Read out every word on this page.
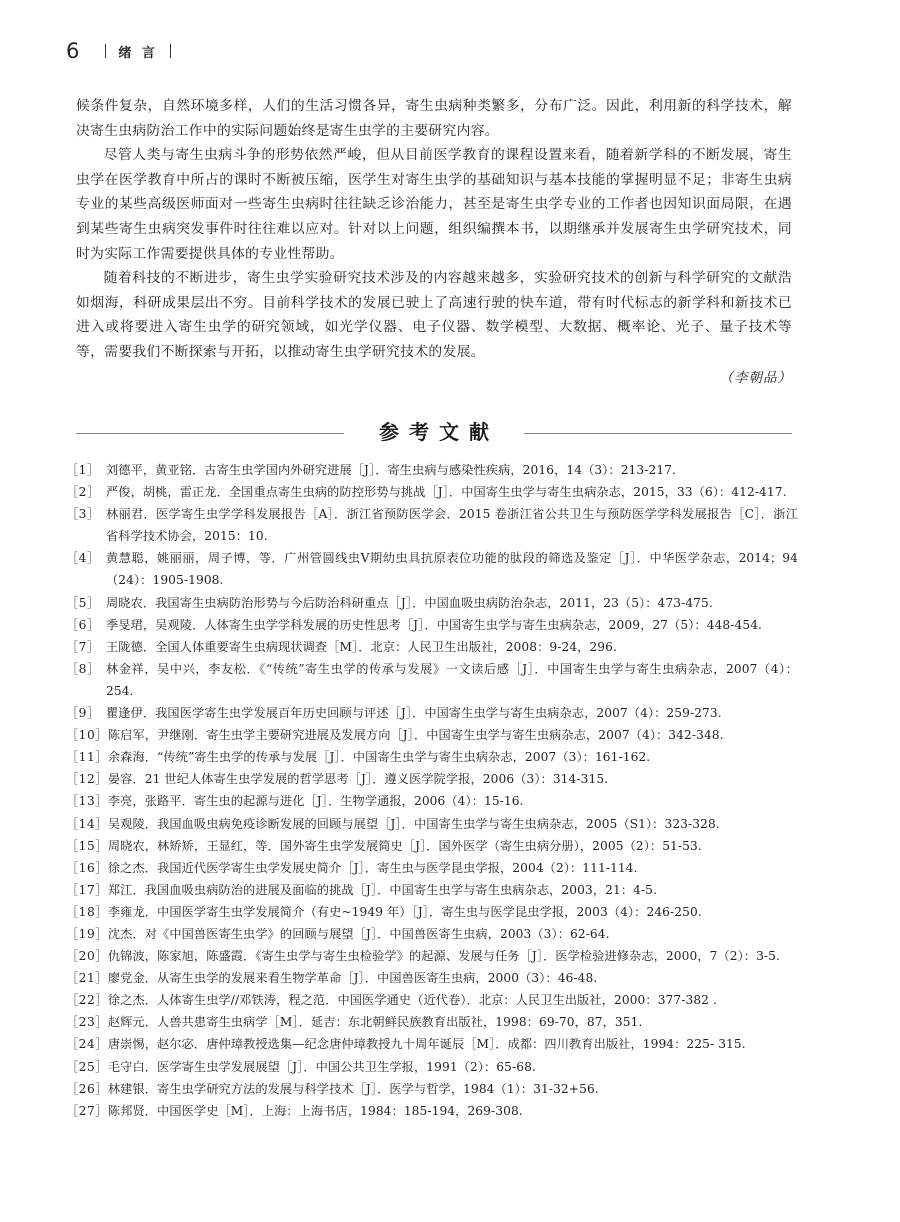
6	绪 言

候条件复杂，自然环境多样，人们的生活习惯各异，寄生虫病种类繁多，分布广泛。因此，利用新的科学技术，解决寄生虫病防治工作中的实际问题始终是寄生虫学的主要研究内容。

尽管人类与寄生虫病斗争的形势依然严峻，但从目前医学教育的课程设置来看，随着新学科的不断发展，寄生虫学在医学教育中所占的课时不断被压缩，医学生对寄生虫学的基础知识与基本技能的掌握明显不足；非寄生虫病专业的某些高级医师面对一些寄生虫病时往往缺乏诊治能力，甚至是寄生虫学专业的工作者也因知识面局限，在遇到某些寄生虫病突发事件时往往难以应对。针对以上问题，组织编撰本书，以期继承并发展寄生虫学研究技术，同时为实际工作需要提供具体的专业性帮助。

随着科技的不断进步，寄生虫学实验研究技术涉及的内容越来越多，实验研究技术的创新与科学研究的文献浩如烟海，科研成果层出不穷。目前科学技术的发展已驶上了高速行驶的快车道，带有时代标志的新学科和新技术已进入或将要进入寄生虫学的研究领域，如光学仪器、电子仪器、数学模型、大数据、概率论、光子、量子技术等等，需要我们不断探索与开拓，以推动寄生虫学研究技术的发展。

（李朝品）
参考文献
［1］ 刘德平，黄亚铭．古寄生虫学国内外研究进展［J］．寄生虫病与感染性疾病，2016，14（3）：213-217.
［2］ 严俊，胡桃，雷正龙．全国重点寄生虫病的防控形势与挑战［J］．中国寄生虫学与寄生虫病杂志，2015，33（6）：412-417.
［3］ 林丽君．医学寄生虫学学科发展报告［A］．浙江省预防医学会．2015 卷浙江省公共卫生与预防医学学科发展报告［C］．浙江省科学技术协会，2015：10.
［4］ 黄慧聪，姚丽丽，周子博，等．广州管圆线虫Ⅴ期幼虫具抗原表位功能的肽段的筛选及鉴定［J］．中华医学杂志，2014；94（24）：1905-1908.
［5］ 周晓农．我国寄生虫病防治形势与今后防治科研重点［J］．中国血吸虫病防治杂志，2011，23（5）：473-475.
［6］ 季旻珺，吴观陵．人体寄生虫学学科发展的历史性思考［J］．中国寄生虫学与寄生虫病杂志，2009，27（5）：448-454.
［7］ 王陇德．全国人体重要寄生虫病现状调查［M］．北京：人民卫生出版社，2008：9-24，296.
［8］ 林金祥，吴中兴，李友松．《“传统”寄生虫学的传承与发展》一文读后感［J］．中国寄生虫学与寄生虫病杂志，2007（4）：254.
［9］ 瞿逢伊．我国医学寄生虫学发展百年历史回顾与评述［J］．中国寄生虫学与寄生虫病杂志，2007（4）：259-273.
［10］ 陈启军，尹继刚．寄生虫学主要研究进展及发展方向［J］．中国寄生虫学与寄生虫病杂志，2007（4）：342-348.
［11］ 余森海．“传统”寄生虫学的传承与发展［J］．中国寄生虫学与寄生虫病杂志，2007（3）：161-162.
［12］ 晏容．21 世纪人体寄生虫学发展的哲学思考［J］．遵义医学院学报，2006（3）：314-315.
［13］ 李亮，张路平．寄生虫的起源与进化［J］．生物学通报，2006（4）：15-16.
［14］ 吴观陵．我国血吸虫病免疫诊断发展的回顾与展望［J］．中国寄生虫学与寄生虫病杂志，2005（S1）：323-328.
［15］ 周晓农，林矫矫，王显红，等．国外寄生虫学发展简史［J］．国外医学（寄生虫病分册），2005（2）：51-53.
［16］ 徐之杰．我国近代医学寄生虫学发展史简介［J］．寄生虫与医学昆虫学报，2004（2）：111-114.
［17］ 郑江．我国血吸虫病防治的进展及面临的挑战［J］．中国寄生虫学与寄生虫病杂志，2003，21：4-5.
［18］ 李雍龙．中国医学寄生虫学发展简介（有史~1949 年）［J］．寄生虫与医学昆虫学报，2003（4）：246-250.
［19］ 沈杰．对《中国兽医寄生虫学》的回顾与展望［J］．中国兽医寄生虫病，2003（3）：62-64.
［20］ 仇锦波，陈家旭，陈盛霞．《寄生虫学与寄生虫检验学》的起源、发展与任务［J］．医学检验进修杂志，2000，7（2）：3-5.
［21］ 廖党金．从寄生虫学的发展来看生物学革命［J］．中国兽医寄生虫病，2000（3）：46-48.
［22］ 徐之杰．人体寄生虫学//邓铁涛，程之范．中国医学通史（近代卷）．北京：人民卫生出版社，2000：377-382 .
［23］ 赵辉元．人兽共患寄生虫病学［M］．延吉：东北朝鲜民族教育出版社，1998：69-70，87，351.
［24］ 唐崇惕，赵尔宓．唐仲璋教授选集—纪念唐仲璋教授九十周年诞辰［M］．成都：四川教育出版社，1994：225- 315.
［25］ 毛守白．医学寄生虫学发展展望［J］．中国公共卫生学报，1991（2）：65-68.
［26］ 林建银．寄生虫学研究方法的发展与科学技术［J］．医学与哲学，1984（1）：31-32+56.
［27］ 陈邦贤．中国医学史［M］．上海：上海书店，1984：185-194，269-308.
